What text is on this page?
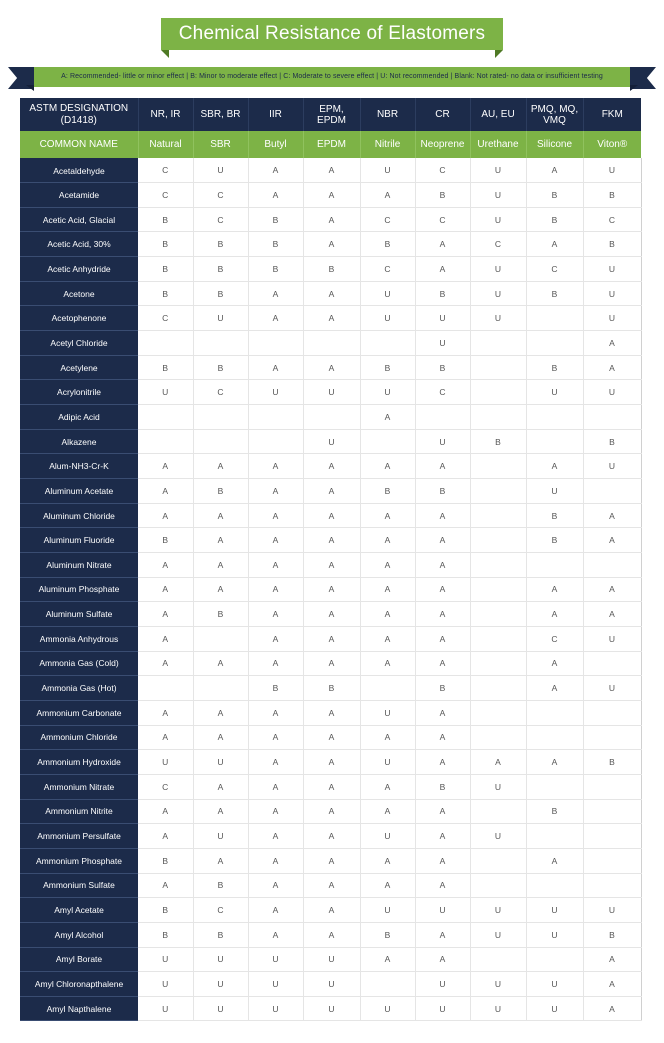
Chemical Resistance of Elastomers
A: Recommended- little or minor effect | B: Minor to moderate effect | C: Moderate to severe effect | U: Not recommended | Blank: Not rated- no data or insufficient testing
ASTM DESIGNATION
(D1418)	NR, IR	SBR, BR	IIR	EPM, EPDM	NBR	CR	AU, EU	PMQ, MQ, VMQ	FKM
COMMON NAME	Natural	SBR	Butyl	EPDM	Nitrile	Neoprene	Urethane	Silicone	Viton®
Acetaldehyde	C	U	A	A	U	C	U	A	U
Acetamide	C	C	A	A	A	B	U	B	B
Acetic Acid, Glacial	B	C	B	A	C	C	U	B	C
Acetic Acid, 30%	B	B	B	A	B	A	C	A	B
Acetic Anhydride	B	B	B	B	C	A	U	C	U
Acetone	B	B	A	A	U	B	U	B	U
Acetophenone	C	U	A	A	U	U	U		U
Acetyl Chloride						U			A
Acetylene	B	B	A	A	B	B		B	A
Acrylonitrile	U	C	U	U	U	C		U	U
Adipic Acid					A				
Alkazene				U		U	B		B
Alum-NH3-Cr-K	A	A	A	A	A	A		A	U
Aluminum Acetate	A	B	A	A	B	B		U	
Aluminum Chloride	A	A	A	A	A	A		B	A
Aluminum Fluoride	B	A	A	A	A	A		B	A
Aluminum Nitrate	A	A	A	A	A	A			
Aluminum Phosphate	A	A	A	A	A	A		A	A
Aluminum Sulfate	A	B	A	A	A	A		A	A
Ammonia Anhydrous	A		A	A	A	A		C	U
Ammonia Gas (Cold)	A	A	A	A	A	A		A	
Ammonia Gas (Hot)			B	B		B		A	U
Ammonium Carbonate	A	A	A	A	U	A			
Ammonium Chloride	A	A	A	A	A	A			
Ammonium Hydroxide	U	U	A	A	U	A	A	A	B
Ammonium Nitrate	C	A	A	A	A	B	U		
Ammonium Nitrite	A	A	A	A	A	A		B	
Ammonium Persulfate	A	U	A	A	U	A	U		
Ammonium Phosphate	B	A	A	A	A	A		A	
Ammonium Sulfate	A	B	A	A	A	A			
Amyl Acetate	B	C	A	A	U	U	U	U	U
Amyl Alcohol	B	B	A	A	B	A	U	U	B
Amyl Borate	U	U	U	U	A	A			A
Amyl Chloronapthalene	U	U	U	U		U	U	U	A
Amyl Napthalene	U	U	U	U	U	U	U	U	A
